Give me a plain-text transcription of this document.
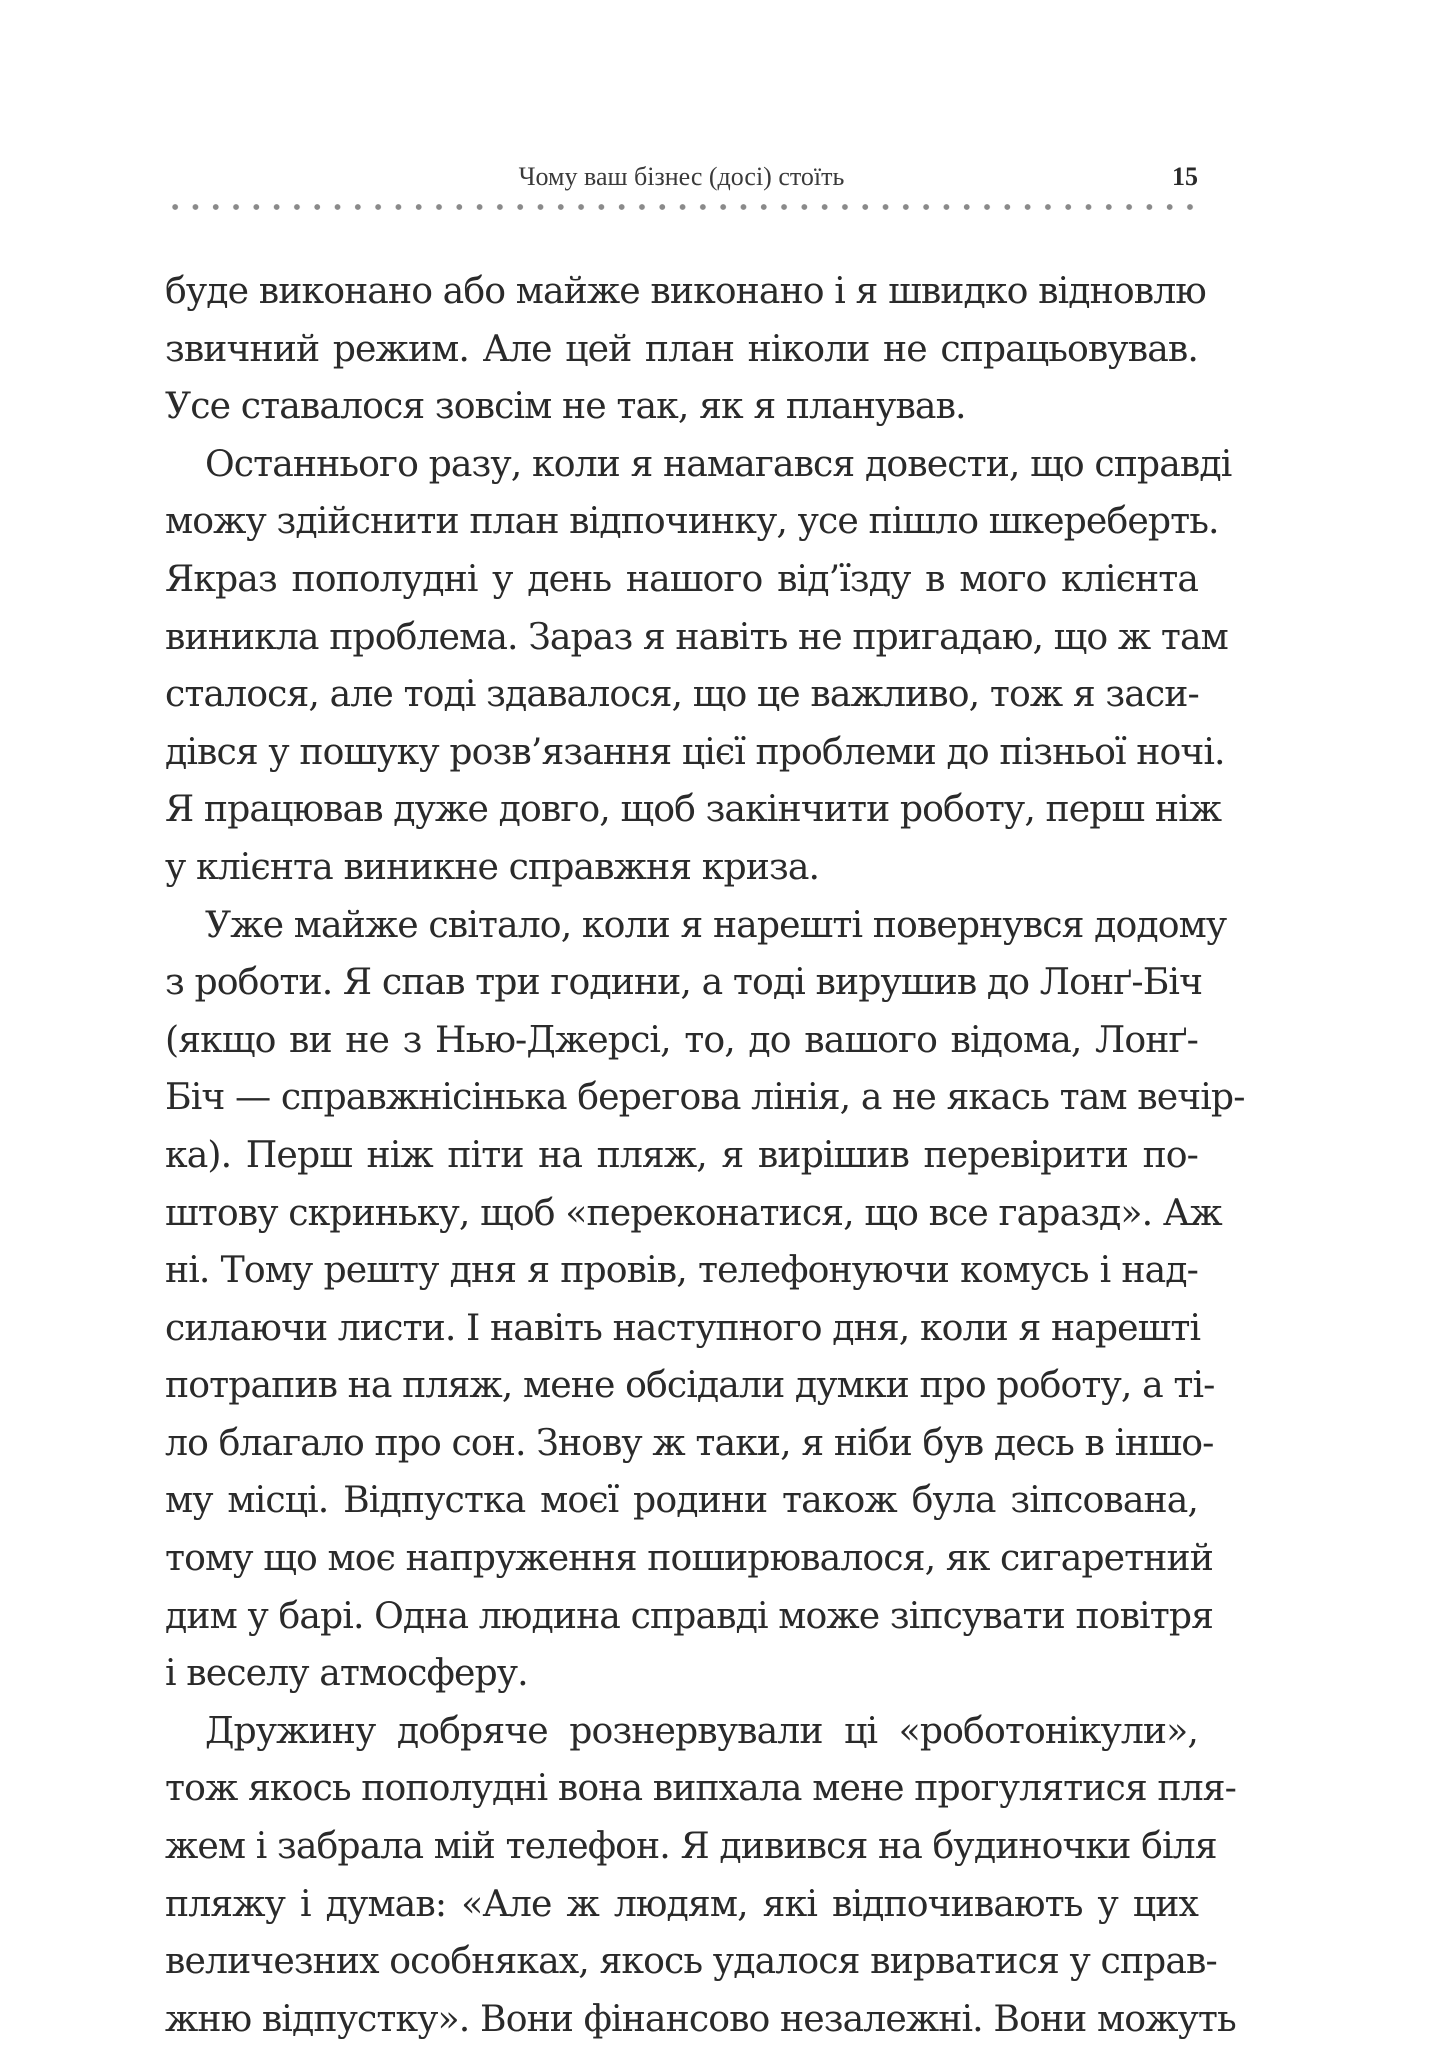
Чому ваш бізнес (досі) стоїть	15
буде виконано або майже виконано і я швидко відновлю
звичний режим. Але цей план ніколи не спрацьовував.
Усе ставалося зовсім не так, як я планував.
Останнього разу, коли я намагався довести, що справді
можу здійснити план відпочинку, усе пішло шкереберть.
Якраз пополудні у день нашого від’їзду в мого клієнта
виникла проблема. Зараз я навіть не пригадаю, що ж там
сталося, але тоді здавалося, що це важливо, тож я заси-
дівся у пошуку розв’язання цієї проблеми до пізньої ночі.
Я працював дуже довго, щоб закінчити роботу, перш ніж
у клієнта виникне справжня криза.
Уже майже світало, коли я нарешті повернувся додому
з роботи. Я спав три години, а тоді вирушив до Лонґ-Біч
(якщо ви не з Нью-Джерсі, то, до вашого відома, Лонґ-
Біч — справжнісінька берегова лінія, а не якась там вечір-
ка). Перш ніж піти на пляж, я вирішив перевірити по-
штову скриньку, щоб «переконатися, що все гаразд». Аж
ні. Тому решту дня я провів, телефонуючи комусь і над-
силаючи листи. І навіть наступного дня, коли я нарешті
потрапив на пляж, мене обсідали думки про роботу, а ті-
ло благало про сон. Знову ж таки, я ніби був десь в іншо-
му місці. Відпустка моєї родини також була зіпсована,
тому що моє напруження поширювалося, як сигаретний
дим у барі. Одна людина справді може зіпсувати повітря
і веселу атмосферу.
Дружину добряче рознервували ці «роботонікули»,
тож якось пополудні вона випхала мене прогулятися пля-
жем і забрала мій телефон. Я дивився на будиночки біля
пляжу і думав: «Але ж людям, які відпочивають у цих
величезних особняках, якось удалося вирватися у справ-
жню відпустку». Вони фінансово незалежні. Вони можуть
